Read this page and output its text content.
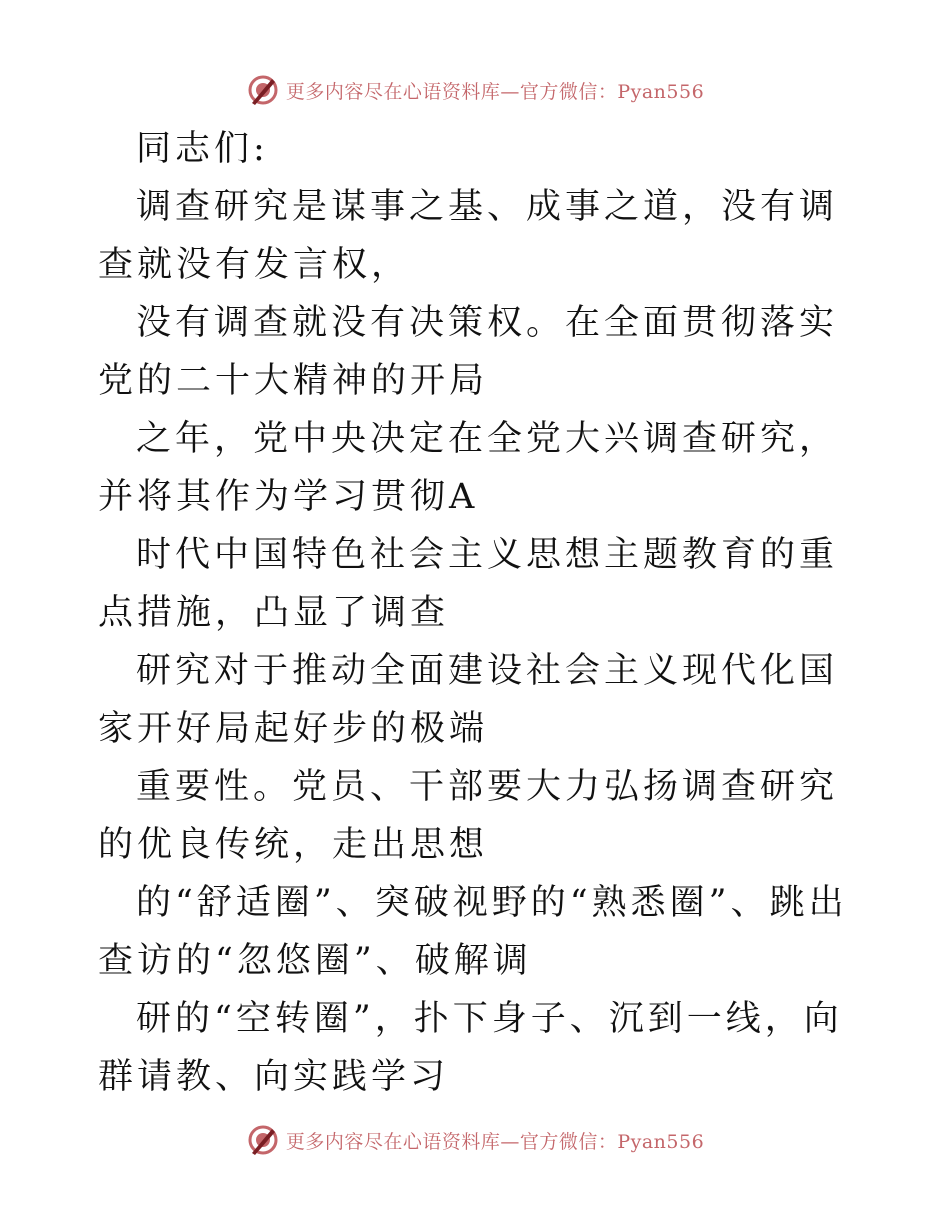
更多内容尽在心语资料库—官方微信：Pyan556

同志们:

调查研究是谋事之基、成事之道，没有调查就没有发言权，

没有调查就没有决策权。在全面贯彻落实党的二十大精神的开局

之年，党中央决定在全党大兴调查研究，并将其作为学习贯彻A

时代中国特色社会主义思想主题教育的重点措施，凸显了调查

研究对于推动全面建设社会主义现代化国家开好局起好步的极端

重要性。党员、干部要大力弘扬调查研究的优良传统，走出思想

的“舒适圈”、突破视野的“熟悉圈”、跳出查访的“忽悠圈”、破解调

研的“空转圈”，扑下身子、沉到一线，向群请教、向实践学习

更多内容尽在心语资料库—官方微信：Pyan556
